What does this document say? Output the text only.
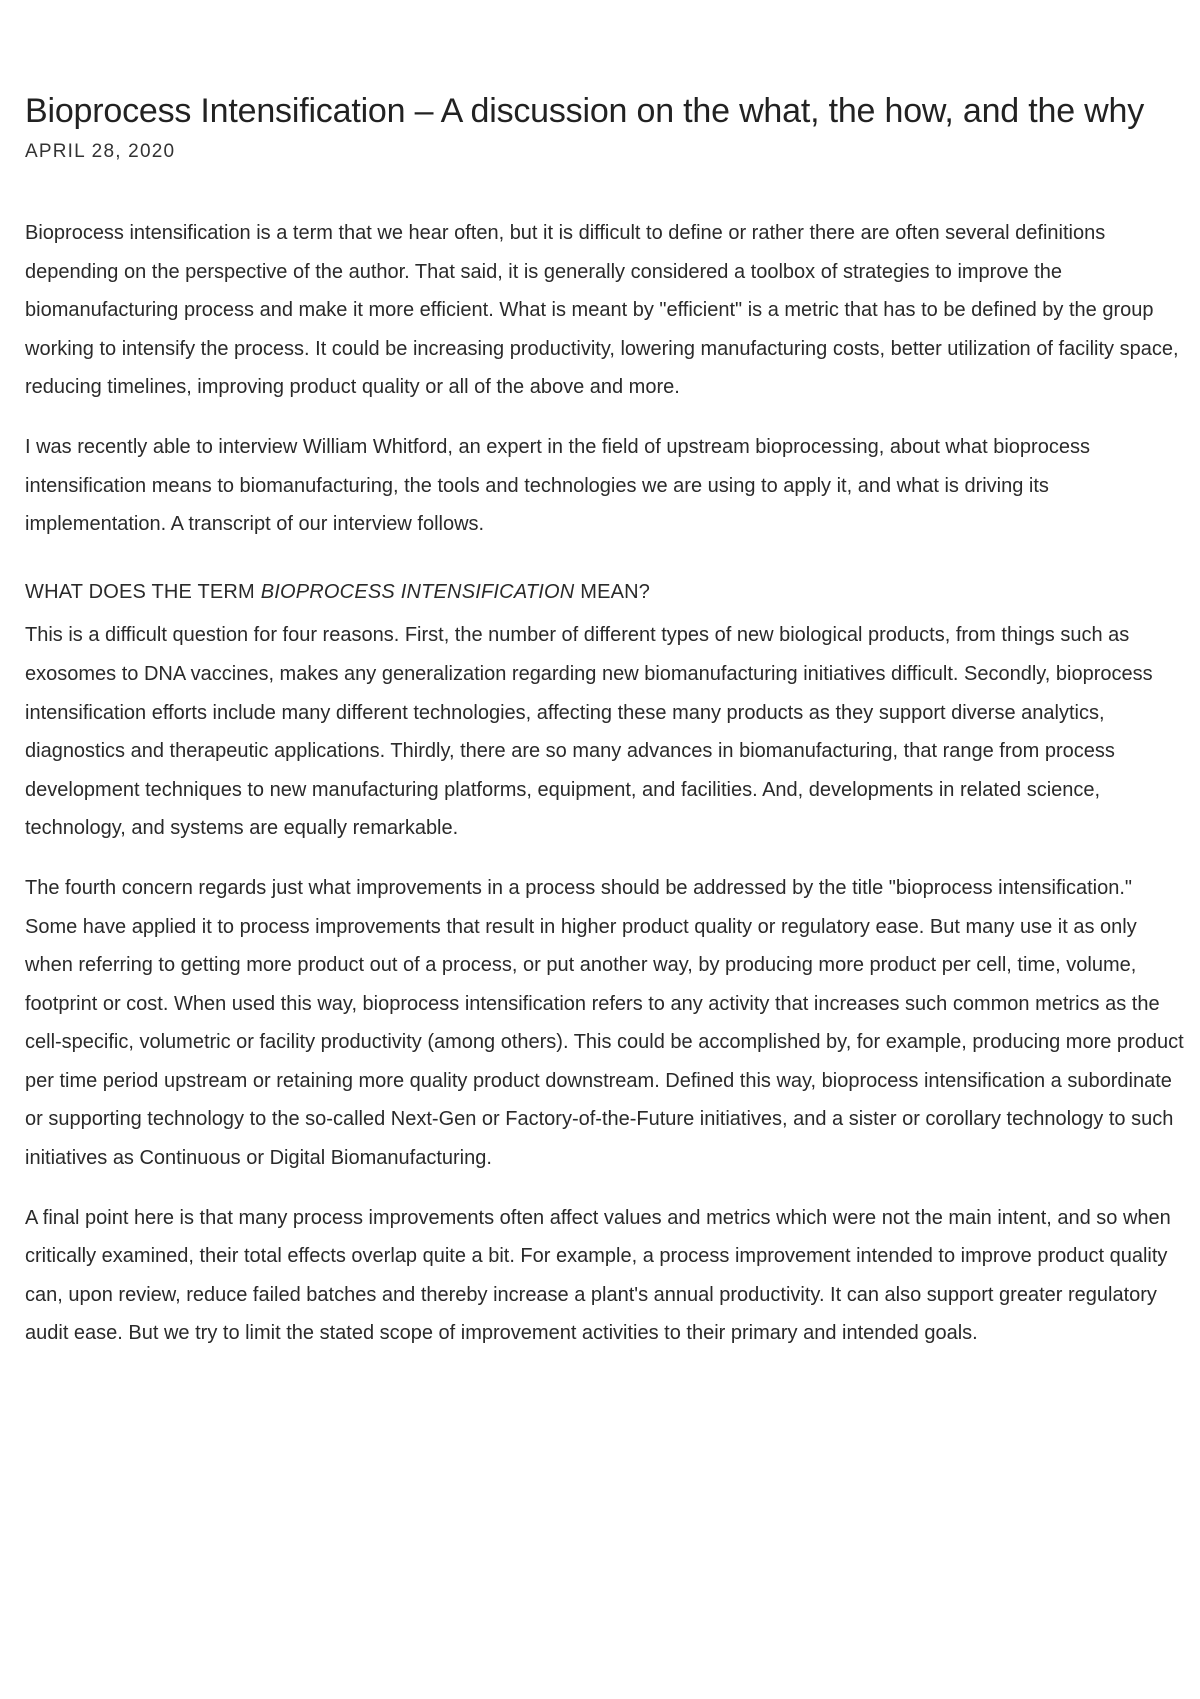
Bioprocess Intensification – A discussion on the what, the how, and the why
APRIL 28, 2020

Bioprocess intensification is a term that we hear often, but it is difficult to define or rather there are often several definitions depending on the perspective of the author. That said, it is generally considered a toolbox of strategies to improve the biomanufacturing process and make it more efficient. What is meant by "efficient" is a metric that has to be defined by the group working to intensify the process. It could be increasing productivity, lowering manufacturing costs, better utilization of facility space, reducing timelines, improving product quality or all of the above and more.

I was recently able to interview William Whitford, an expert in the field of upstream bioprocessing, about what bioprocess intensification means to biomanufacturing, the tools and technologies we are using to apply it, and what is driving its implementation. A transcript of our interview follows.

WHAT DOES THE TERM BIOPROCESS INTENSIFICATION MEAN?

This is a difficult question for four reasons. First, the number of different types of new biological products, from things such as exosomes to DNA vaccines, makes any generalization regarding new biomanufacturing initiatives difficult. Secondly, bioprocess intensification efforts include many different technologies, affecting these many products as they support diverse analytics, diagnostics and therapeutic applications. Thirdly, there are so many advances in biomanufacturing, that range from process development techniques to new manufacturing platforms, equipment, and facilities. And, developments in related science, technology, and systems are equally remarkable.

The fourth concern regards just what improvements in a process should be addressed by the title "bioprocess intensification." Some have applied it to process improvements that result in higher product quality or regulatory ease. But many use it as only when referring to getting more product out of a process, or put another way, by producing more product per cell, time, volume, footprint or cost. When used this way, bioprocess intensification refers to any activity that increases such common metrics as the cell-specific, volumetric or facility productivity (among others). This could be accomplished by, for example, producing more product per time period upstream or retaining more quality product downstream. Defined this way, bioprocess intensification a subordinate or supporting technology to the so-called Next-Gen or Factory-of-the-Future initiatives, and a sister or corollary technology to such initiatives as Continuous or Digital Biomanufacturing.

A final point here is that many process improvements often affect values and metrics which were not the main intent, and so when critically examined, their total effects overlap quite a bit. For example, a process improvement intended to improve product quality can, upon review, reduce failed batches and thereby increase a plant's annual productivity. It can also support greater regulatory audit ease. But we try to limit the stated scope of improvement activities to their primary and intended goals.
